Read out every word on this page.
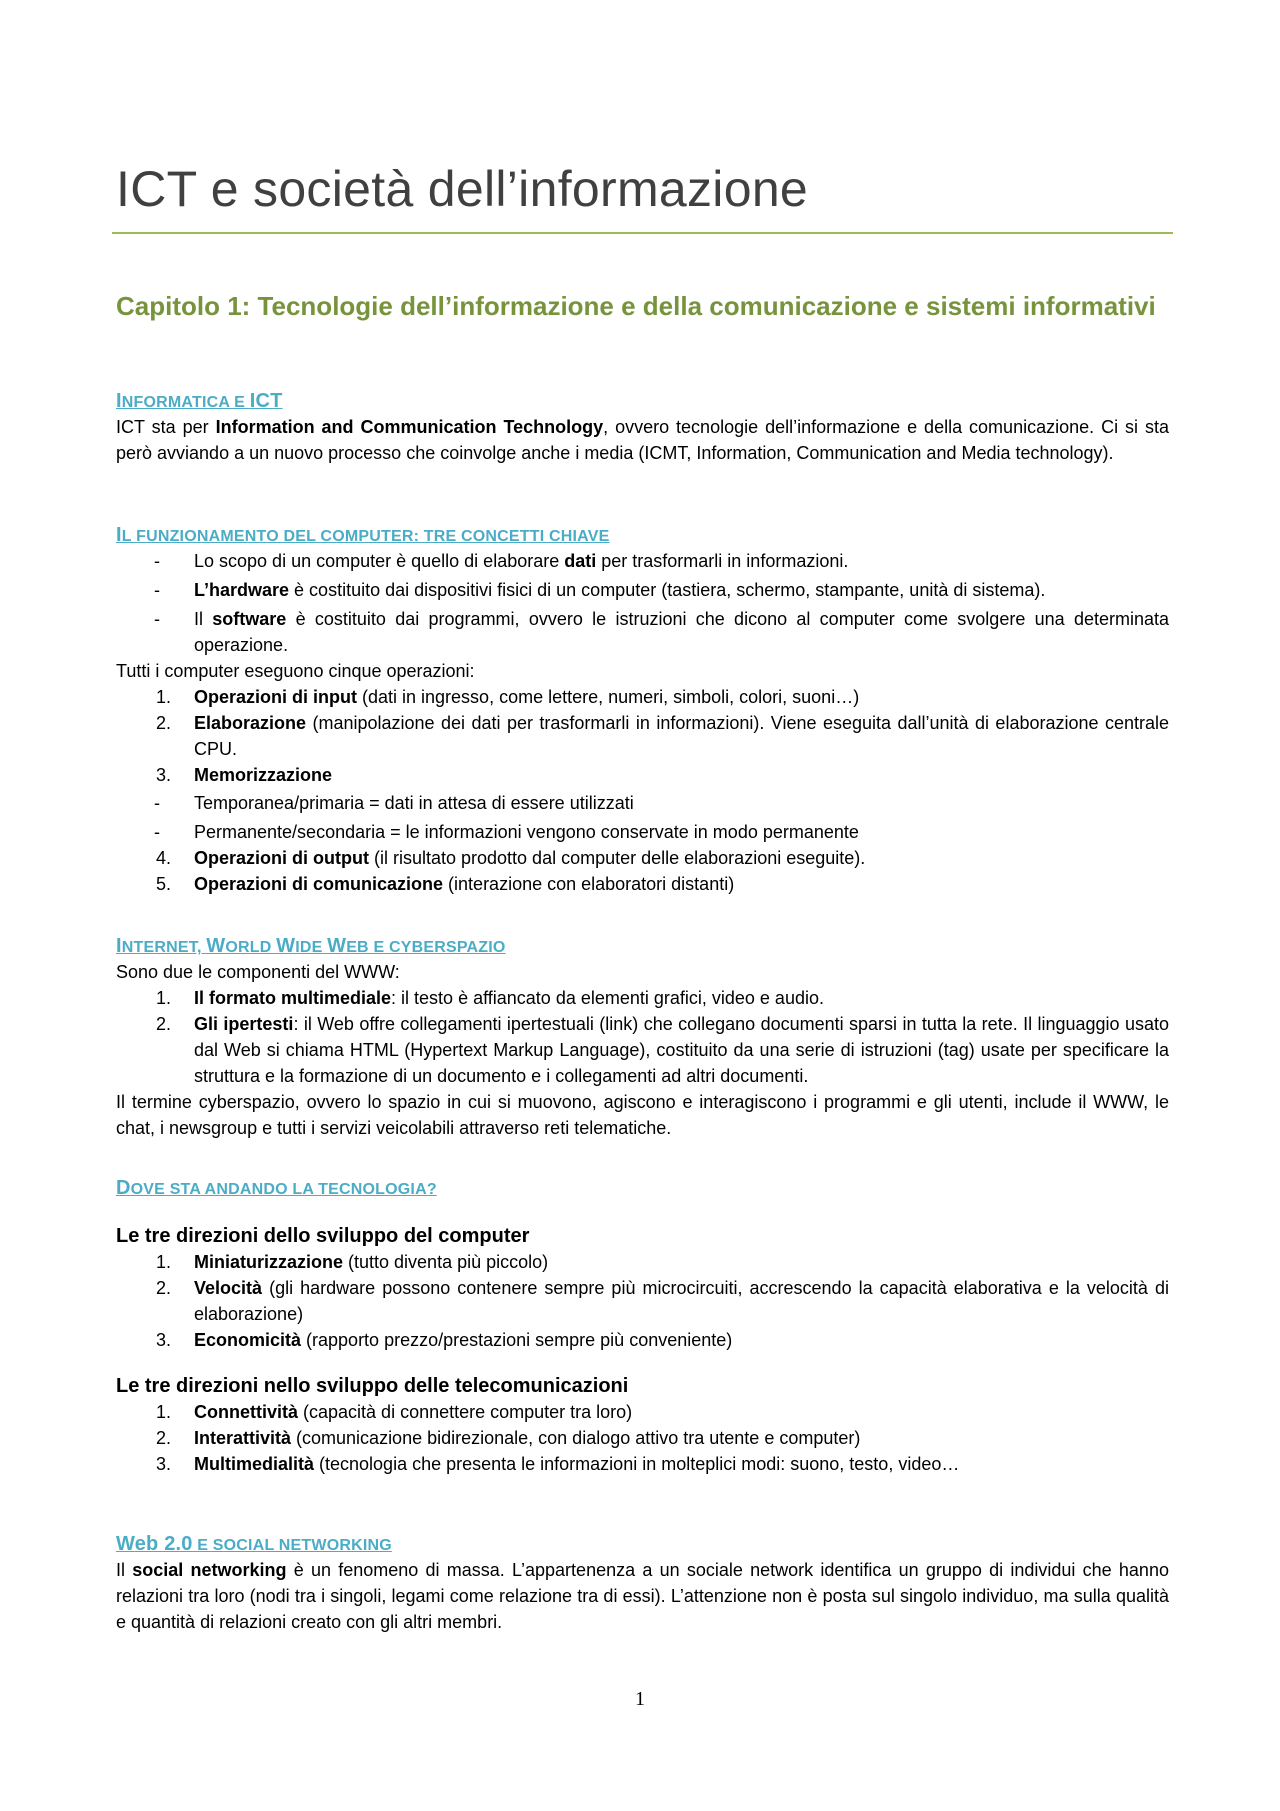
ICT e società dell’informazione
Capitolo 1: Tecnologie dell’informazione e della comunicazione e sistemi informativi
INFORMATICA E ICT

ICT sta per Information and Communication Technology, ovvero tecnologie dell’informazione e della comunicazione. Ci si sta però avviando a un nuovo processo che coinvolge anche i media (ICMT, Information, Communication and Media technology).

IL FUNZIONAMENTO DEL COMPUTER: TRE CONCETTI CHIAVE
- Lo scopo di un computer è quello di elaborare dati per trasformarli in informazioni.
- L’hardware è costituito dai dispositivi fisici di un computer (tastiera, schermo, stampante, unità di sistema).
- Il software è costituito dai programmi, ovvero le istruzioni che dicono al computer come svolgere una determinata operazione.

Tutti i computer eseguono cinque operazioni:

1. Operazioni di input (dati in ingresso, come lettere, numeri, simboli, colori, suoni…)
2. Elaborazione (manipolazione dei dati per trasformarli in informazioni). Viene eseguita dall’unità di elaborazione centrale CPU.
3. Memorizzazione
- Temporanea/primaria = dati in attesa di essere utilizzati
- Permanente/secondaria = le informazioni vengono conservate in modo permanente
4. Operazioni di output (il risultato prodotto dal computer delle elaborazioni eseguite).
5. Operazioni di comunicazione (interazione con elaboratori distanti)
INTERNET, WORLD WIDE WEB E CYBERSPAZIO

Sono due le componenti del WWW:

1. Il formato multimediale: il testo è affiancato da elementi grafici, video e audio.
2. Gli ipertesti: il Web offre collegamenti ipertestuali (link) che collegano documenti sparsi in tutta la rete. Il linguaggio usato dal Web si chiama HTML (Hypertext Markup Language), costituito da una serie di istruzioni (tag) usate per specificare la struttura e la formazione di un documento e i collegamenti ad altri documenti.

Il termine cyberspazio, ovvero lo spazio in cui si muovono, agiscono e interagiscono i programmi e gli utenti, include il WWW, le chat, i newsgroup e tutti i servizi veicolabili attraverso reti telematiche.

DOVE STA ANDANDO LA TECNOLOGIA?
Le tre direzioni dello sviluppo del computer
1. Miniaturizzazione (tutto diventa più piccolo)
2. Velocità (gli hardware possono contenere sempre più microcircuiti, accrescendo la capacità elaborativa e la velocità di elaborazione)
3. Economicità (rapporto prezzo/prestazioni sempre più conveniente)
Le tre direzioni nello sviluppo delle telecomunicazioni
1. Connettività (capacità di connettere computer tra loro)
2. Interattività (comunicazione bidirezionale, con dialogo attivo tra utente e computer)
3. Multimedialità (tecnologia che presenta le informazioni in molteplici modi: suono, testo, video…
Web 2.0 E SOCIAL NETWORKING

Il social networking è un fenomeno di massa. L’appartenenza a un sociale network identifica un gruppo di individui che hanno relazioni tra loro (nodi tra i singoli, legami come relazione tra di essi). L’attenzione non è posta sul singolo individuo, ma sulla qualità e quantità di relazioni creato con gli altri membri.

1
